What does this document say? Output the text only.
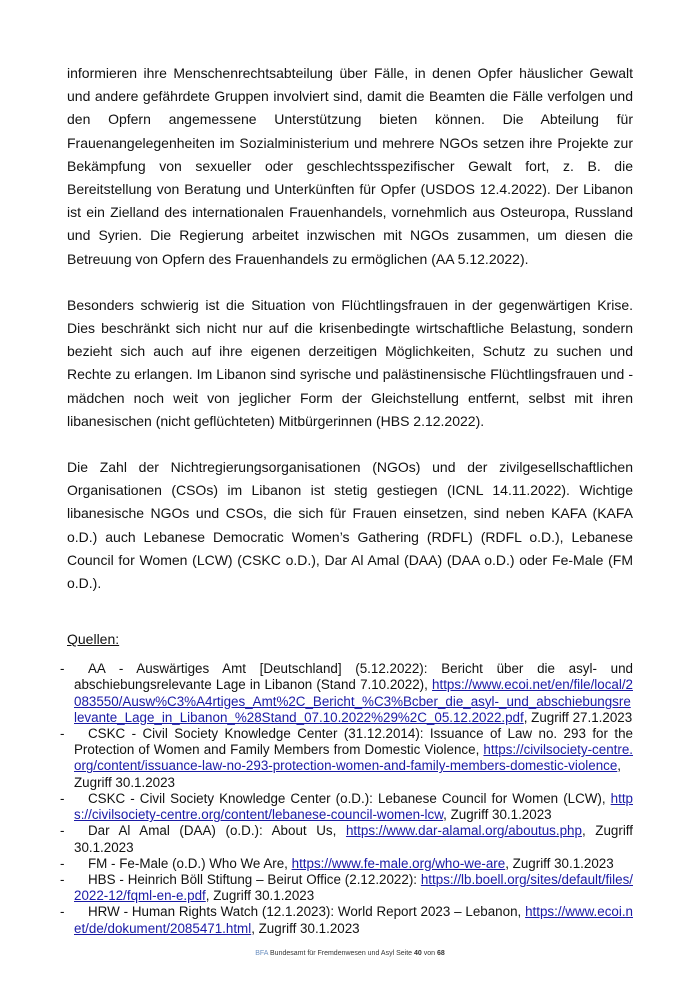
informieren ihre Menschenrechtsabteilung über Fälle, in denen Opfer häuslicher Gewalt und andere gefährdete Gruppen involviert sind, damit die Beamten die Fälle verfolgen und den Opfern angemessene Unterstützung bieten können. Die Abteilung für Frauenangelegenheiten im Sozialministerium und mehrere NGOs setzen ihre Projekte zur Bekämpfung von sexueller oder geschlechtsspezifischer Gewalt fort, z. B. die Bereitstellung von Beratung und Unterkünften für Opfer (USDOS 12.4.2022). Der Libanon ist ein Zielland des internationalen Frauenhandels, vornehmlich aus Osteuropa, Russland und Syrien. Die Regierung arbeitet inzwischen mit NGOs zusammen, um diesen die Betreuung von Opfern des Frauenhandels zu ermöglichen (AA 5.12.2022).

Besonders schwierig ist die Situation von Flüchtlingsfrauen in der gegenwärtigen Krise. Dies beschränkt sich nicht nur auf die krisenbedingte wirtschaftliche Belastung, sondern bezieht sich auch auf ihre eigenen derzeitigen Möglichkeiten, Schutz zu suchen und Rechte zu erlangen. Im Libanon sind syrische und palästinensische Flüchtlingsfrauen und -mädchen noch weit von jeglicher Form der Gleichstellung entfernt, selbst mit ihren libanesischen (nicht geflüchteten) Mitbürgerinnen (HBS 2.12.2022).

Die Zahl der Nichtregierungsorganisationen (NGOs) und der zivilgesellschaftlichen Organisationen (CSOs) im Libanon ist stetig gestiegen (ICNL 14.11.2022). Wichtige libanesische NGOs und CSOs, die sich für Frauen einsetzen, sind neben KAFA (KAFA o.D.) auch Lebanese Democratic Women’s Gathering (RDFL) (RDFL o.D.), Lebanese Council for Women (LCW) (CSKC o.D.), Dar Al Amal (DAA) (DAA o.D.) oder Fe-Male (FM o.D.).

Quellen:
-	AA - Auswärtiges Amt [Deutschland] (5.12.2022): Bericht über die asyl- und abschiebungsrelevante Lage in Libanon (Stand 7.10.2022), https://www.ecoi.net/en/file/local/2083550/Ausw%C3%A4rtiges_Amt%2C_Bericht_%C3%Bcber_die_asyl-_und_abschiebungsrelevante_Lage_in_Libanon_%28Stand_07.10.2022%29%2C_05.12.2022.pdf, Zugriff 27.1.2023
-	CSKC - Civil Society Knowledge Center (31.12.2014): Issuance of Law no. 293 for the Protection of Women and Family Members from Domestic Violence, https://civilsociety-centre.org/content/issuance-law-no-293-protection-women-and-family-members-domestic-violence, Zugriff 30.1.2023
-	CSKC - Civil Society Knowledge Center (o.D.): Lebanese Council for Women (LCW), https://civilsociety-centre.org/content/lebanese-council-women-lcw, Zugriff 30.1.2023
-	Dar Al Amal (DAA) (o.D.): About Us, https://www.dar-alamal.org/aboutus.php, Zugriff 30.1.2023
-	FM - Fe-Male (o.D.) Who We Are, https://www.fe-male.org/who-we-are, Zugriff 30.1.2023
-	HBS - Heinrich Böll Stiftung – Beirut Office (2.12.2022): https://lb.boell.org/sites/default/files/2022-12/fqml-en-e.pdf, Zugriff 30.1.2023
-	HRW - Human Rights Watch (12.1.2023): World Report 2023 – Lebanon, https://www.ecoi.net/de/dokument/2085471.html, Zugriff 30.1.2023
BFA Bundesamt für Fremdenwesen und Asyl Seite 40 von 68
